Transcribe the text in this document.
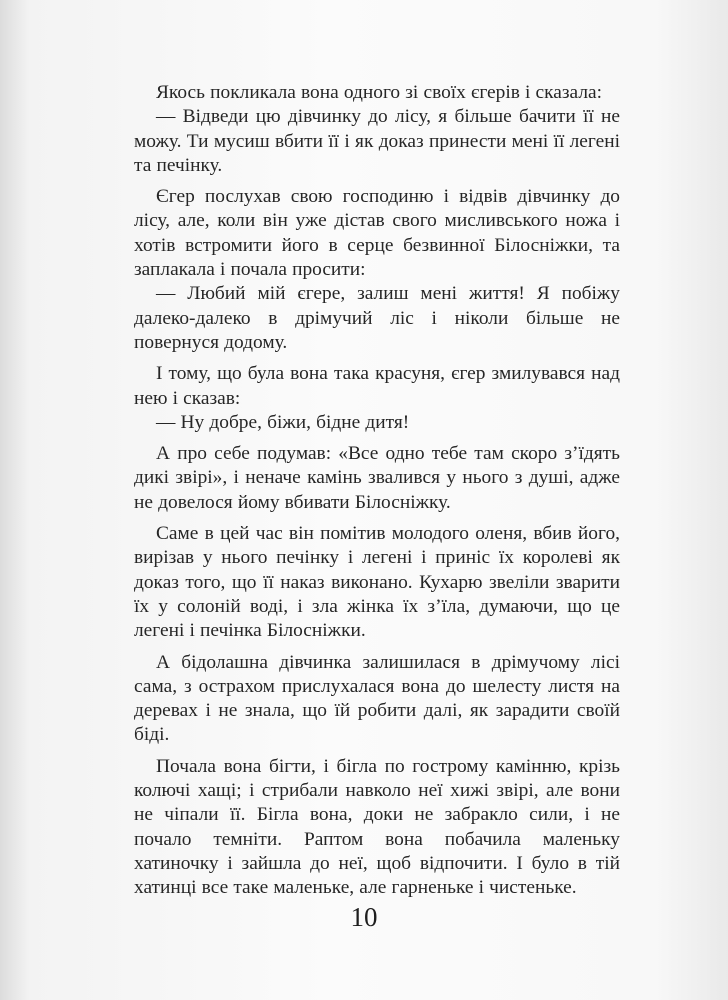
Якось покликала вона одного зі своїх єгерів і сказала:

— Відведи цю дівчинку до лісу, я більше бачити її не можу. Ти мусиш вбити її і як доказ принести мені її легені та печінку.

Єгер послухав свою господиню і відвів дівчинку до лісу, але, коли він уже дістав свого мисливського ножа і хотів встромити його в серце безвинної Білосніжки, та заплакала і почала просити:

— Любий мій єгере, залиш мені життя! Я побіжу далеко-далеко в дрімучий ліс і ніколи більше не повернуся додому.

І тому, що була вона така красуня, єгер змилувався над нею і сказав:

— Ну добре, біжи, бідне дитя!

А про себе подумав: «Все одно тебе там скоро з’їдять дикі звірі», і неначе камінь звалився у нього з душі, адже не довелося йому вбивати Білосніжку.

Саме в цей час він помітив молодого оленя, вбив його, вирізав у нього печінку і легені і приніс їх королеві як доказ того, що її наказ виконано. Кухарю звеліли зварити їх у солоній воді, і зла жінка їх з’їла, думаючи, що це легені і печінка Білосніжки.

А бідолашна дівчинка залишилася в дрімучому лісі сама, з острахом прислухалася вона до шелесту листя на деревах і не знала, що їй робити далі, як зарадити своїй біді.

Почала вона бігти, і бігла по гострому камінню, крізь колючі хащі; і стрибали навколо неї хижі звірі, але вони не чіпали її. Бігла вона, доки не забракло сили, і не почало темніти. Раптом вона побачила маленьку хатиночку і зайшла до неї, щоб відпочити. І було в тій хатинці все таке маленьке, але гарненьке і чистеньке.

10
